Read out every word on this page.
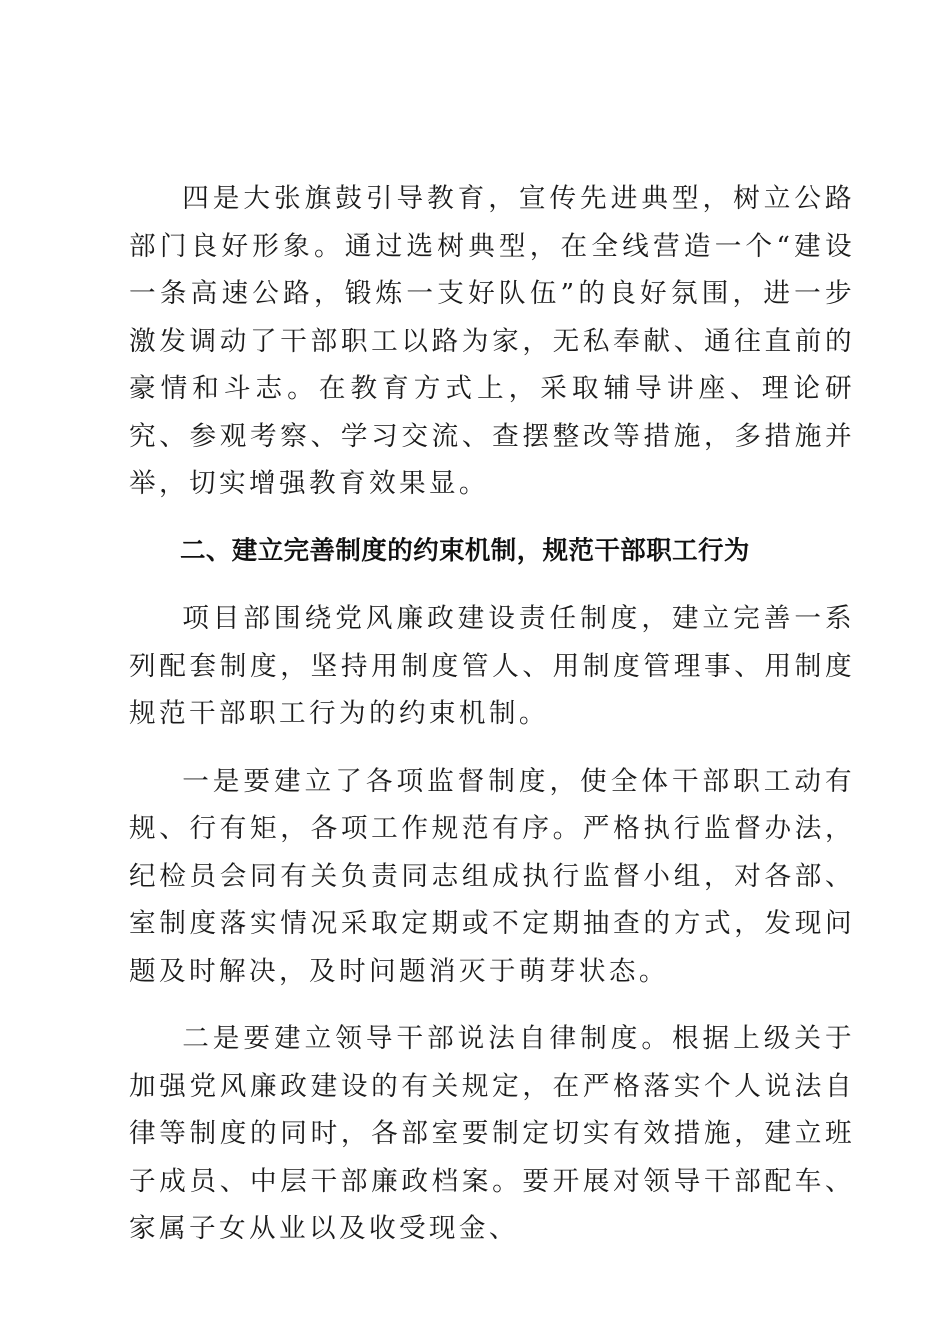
四是大张旗鼓引导教育，宣传先进典型，树立公路部门良好形象。通过选树典型，在全线营造一个“建设一条高速公路，锻炼一支好队伍”的良好氛围，进一步激发调动了干部职工以路为家，无私奉献、通往直前的豪情和斗志。在教育方式上，采取辅导讲座、理论研究、参观考察、学习交流、查摆整改等措施，多措施并举，切实增强教育效果显。

二、建立完善制度的约束机制，规范干部职工行为

项目部围绕党风廉政建设责任制度，建立完善一系列配套制度，坚持用制度管人、用制度管理事、用制度规范干部职工行为的约束机制。

一是要建立了各项监督制度，使全体干部职工动有规、行有矩，各项工作规范有序。严格执行监督办法，纪检员会同有关负责同志组成执行监督小组，对各部、室制度落实情况采取定期或不定期抽查的方式，发现问题及时解决，及时问题消灭于萌芽状态。

二是要建立领导干部说法自律制度。根据上级关于加强党风廉政建设的有关规定，在严格落实个人说法自律等制度的同时，各部室要制定切实有效措施，建立班子成员、中层干部廉政档案。要开展对领导干部配车、家属子女从业以及收受现金、
